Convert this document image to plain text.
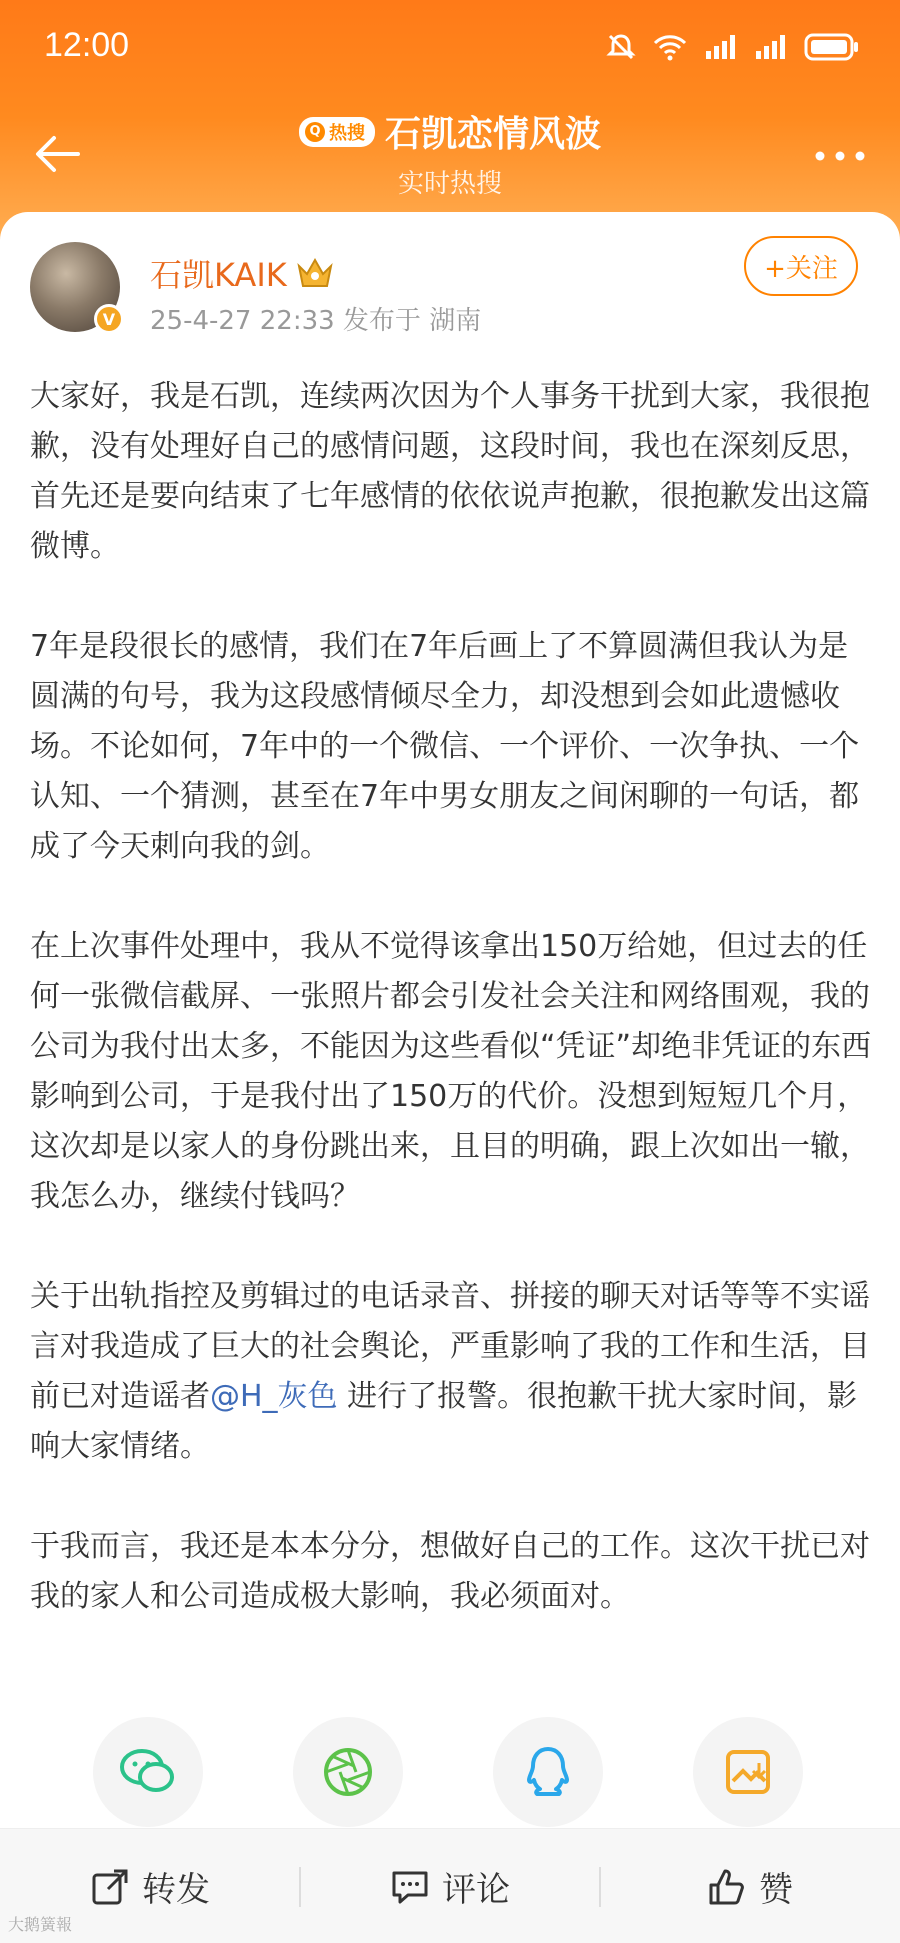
12:00
Q 热搜 石凯恋情风波
实时热搜
V
石凯KAIK
25-4-27 22:33 发布于 湖南
+关注

大家好，我是石凯，连续两次因为个人事务干扰到大家，我很抱歉，没有处理好自己的感情问题，这段时间，我也在深刻反思，首先还是要向结束了七年感情的依依说声抱歉，很抱歉发出这篇微博。

7年是段很长的感情，我们在7年后画上了不算圆满但我认为是圆满的句号，我为这段感情倾尽全力，却没想到会如此遗憾收场。不论如何，7年中的一个微信、一个评价、一次争执、一个认知、一个猜测，甚至在7年中男女朋友之间闲聊的一句话，都成了今天刺向我的剑。

在上次事件处理中，我从不觉得该拿出150万给她，但过去的任何一张微信截屏、一张照片都会引发社会关注和网络围观，我的公司为我付出太多，不能因为这些看似“凭证”却绝非凭证的东西影响到公司，于是我付出了150万的代价。没想到短短几个月，这次却是以家人的身份跳出来，且目的明确，跟上次如出一辙，我怎么办，继续付钱吗？

关于出轨指控及剪辑过的电话录音、拼接的聊天对话等等不实谣言对我造成了巨大的社会舆论，严重影响了我的工作和生活，目前已对造谣者@H_灰色 进行了报警。很抱歉干扰大家时间，影响大家情绪。

于我而言，我还是本本分分，想做好自己的工作。这次干扰已对我的家人和公司造成极大影响，我必须面对。

转发	评论	赞
大鹅簧報
